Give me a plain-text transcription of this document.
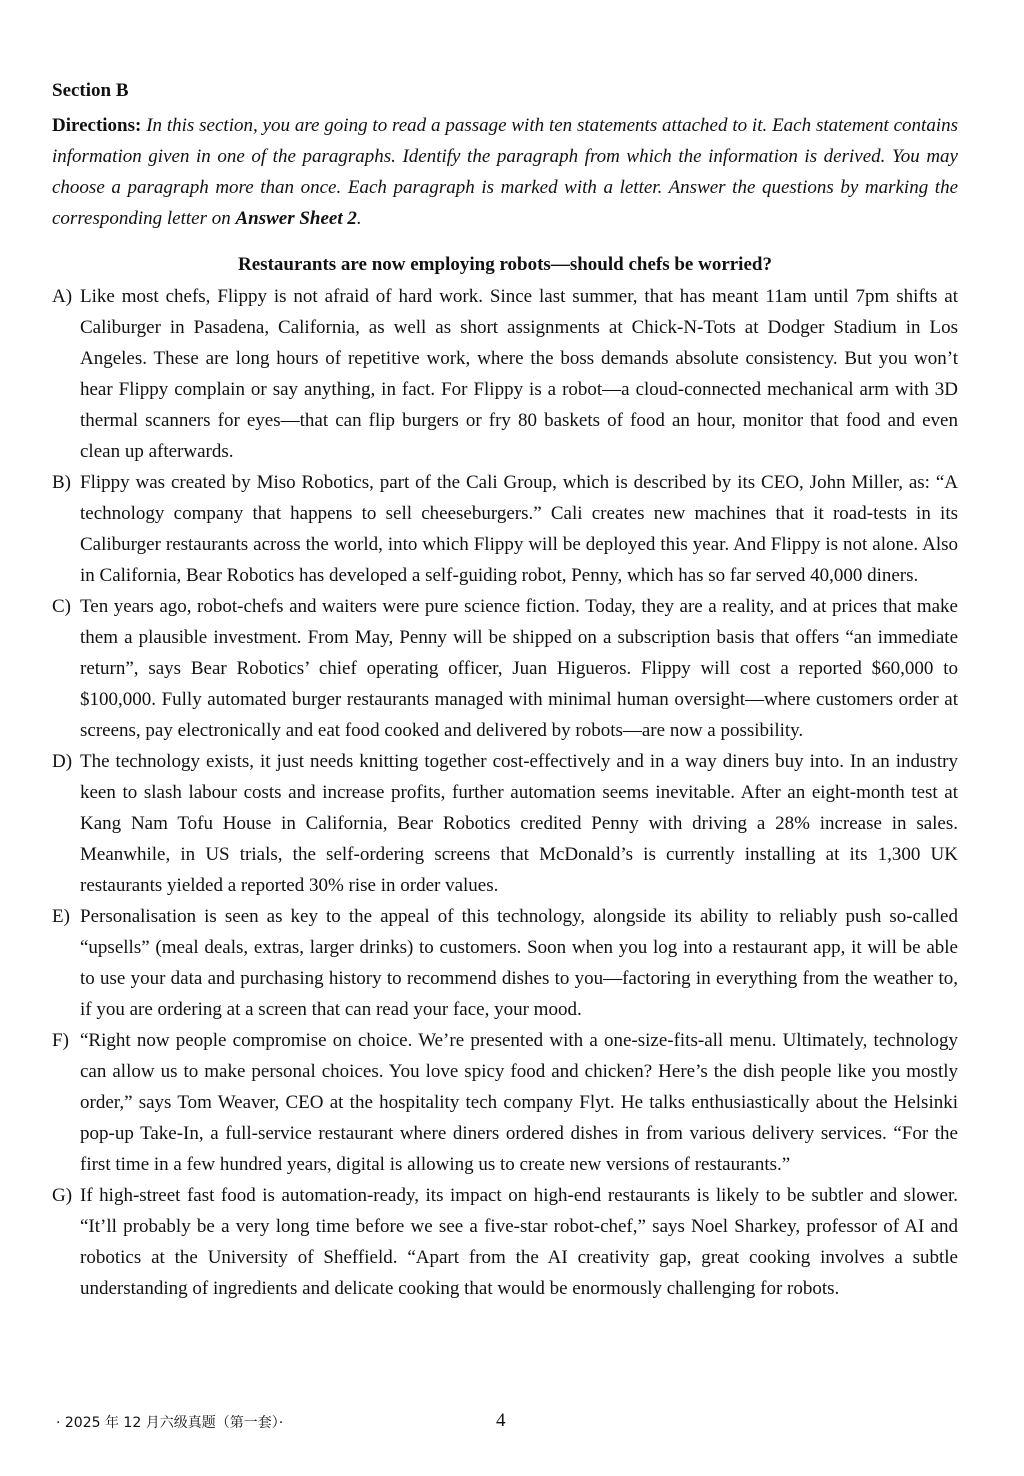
Section B
Directions: In this section, you are going to read a passage with ten statements attached to it. Each statement contains information given in one of the paragraphs. Identify the paragraph from which the information is derived. You may choose a paragraph more than once. Each paragraph is marked with a letter. Answer the questions by marking the corresponding letter on Answer Sheet 2.
Restaurants are now employing robots—should chefs be worried?
A) Like most chefs, Flippy is not afraid of hard work. Since last summer, that has meant 11am until 7pm shifts at Caliburger in Pasadena, California, as well as short assignments at Chick-N-Tots at Dodger Stadium in Los Angeles. These are long hours of repetitive work, where the boss demands absolute consistency. But you won’t hear Flippy complain or say anything, in fact. For Flippy is a robot—a cloud-connected mechanical arm with 3D thermal scanners for eyes—that can flip burgers or fry 80 baskets of food an hour, monitor that food and even clean up afterwards.
B) Flippy was created by Miso Robotics, part of the Cali Group, which is described by its CEO, John Miller, as: “A technology company that happens to sell cheeseburgers.” Cali creates new machines that it road-tests in its Caliburger restaurants across the world, into which Flippy will be deployed this year. And Flippy is not alone. Also in California, Bear Robotics has developed a self-guiding robot, Penny, which has so far served 40,000 diners.
C) Ten years ago, robot-chefs and waiters were pure science fiction. Today, they are a reality, and at prices that make them a plausible investment. From May, Penny will be shipped on a subscription basis that offers “an immediate return”, says Bear Robotics’ chief operating officer, Juan Higueros. Flippy will cost a reported $60,000 to $100,000. Fully automated burger restaurants managed with minimal human oversight—where customers order at screens, pay electronically and eat food cooked and delivered by robots—are now a possibility.
D) The technology exists, it just needs knitting together cost-effectively and in a way diners buy into. In an industry keen to slash labour costs and increase profits, further automation seems inevitable. After an eight-month test at Kang Nam Tofu House in California, Bear Robotics credited Penny with driving a 28% increase in sales. Meanwhile, in US trials, the self-ordering screens that McDonald’s is currently installing at its 1,300 UK restaurants yielded a reported 30% rise in order values.
E) Personalisation is seen as key to the appeal of this technology, alongside its ability to reliably push so-called “upsells” (meal deals, extras, larger drinks) to customers. Soon when you log into a restaurant app, it will be able to use your data and purchasing history to recommend dishes to you—factoring in everything from the weather to, if you are ordering at a screen that can read your face, your mood.
F) “Right now people compromise on choice. We’re presented with a one-size-fits-all menu. Ultimately, technology can allow us to make personal choices. You love spicy food and chicken? Here’s the dish people like you mostly order,” says Tom Weaver, CEO at the hospitality tech company Flyt. He talks enthusiastically about the Helsinki pop-up Take-In, a full-service restaurant where diners ordered dishes in from various delivery services. “For the first time in a few hundred years, digital is allowing us to create new versions of restaurants.”
G) If high-street fast food is automation-ready, its impact on high-end restaurants is likely to be subtler and slower. “It’ll probably be a very long time before we see a five-star robot-chef,” says Noel Sharkey, professor of AI and robotics at the University of Sheffield. “Apart from the AI creativity gap, great cooking involves a subtle understanding of ingredients and delicate cooking that would be enormously challenging for robots.
· 2025 年 12 月六级真题（第一套）·	4
